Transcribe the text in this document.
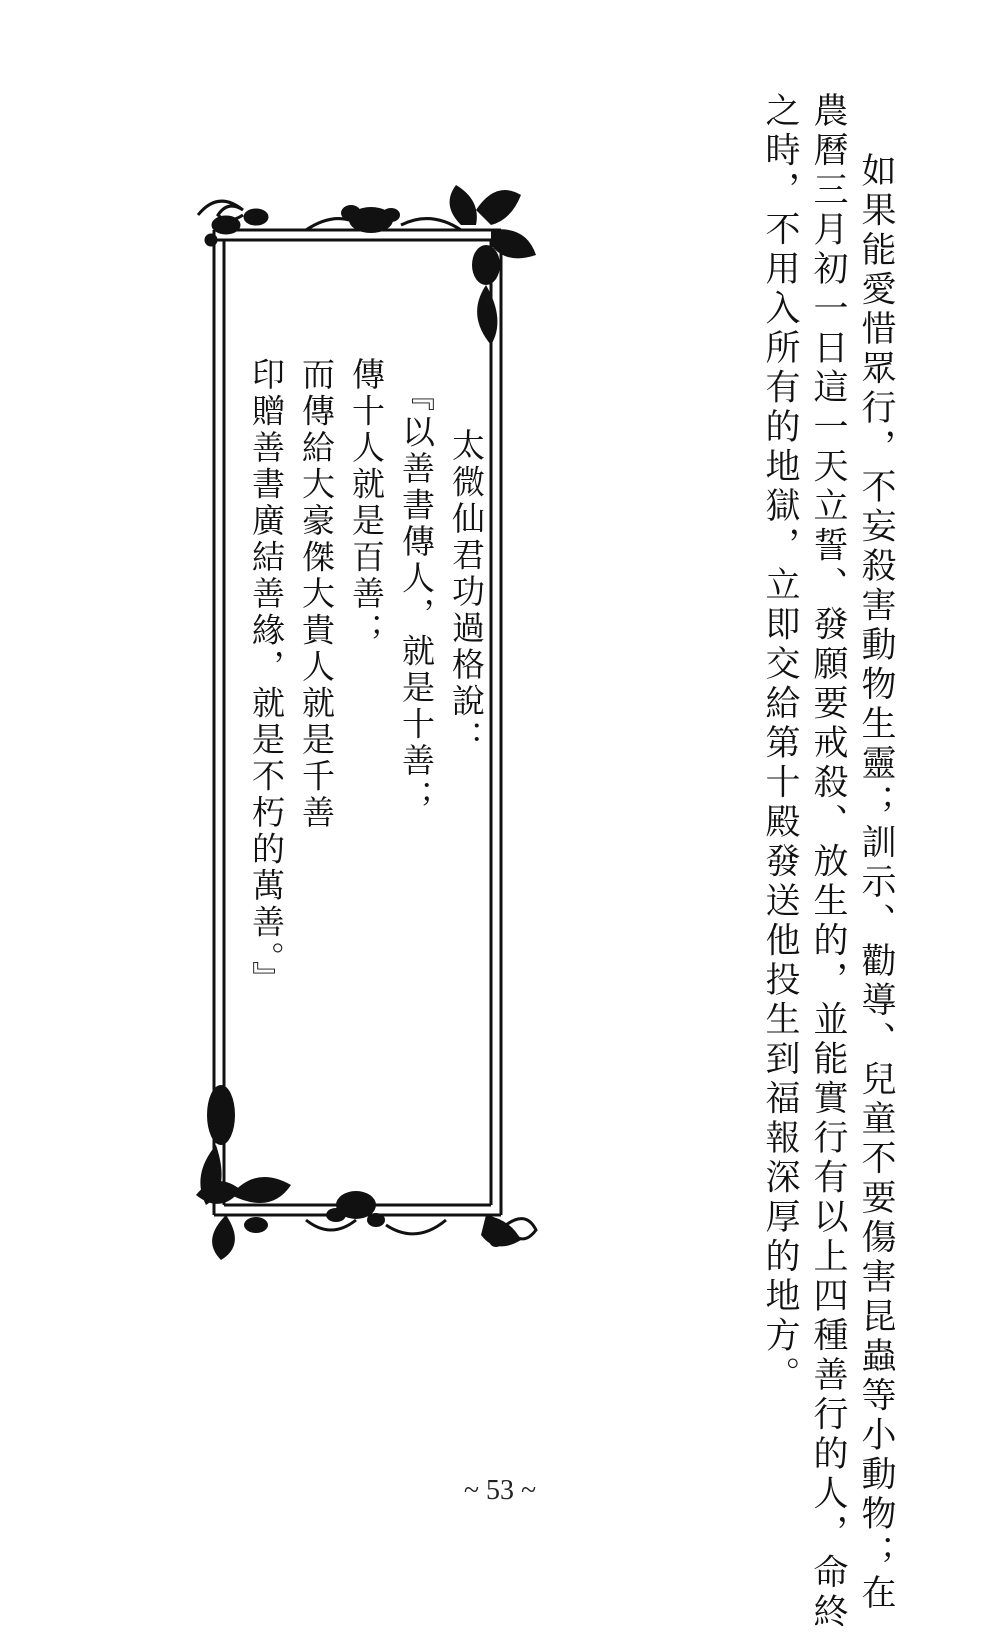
如果能愛惜眾行，不妄殺害動物生靈；訓示、勸導、兒童不要傷害昆蟲等小動物；在
農曆三月初一日這一天立誓、發願要戒殺、放生的，並能實行有以上四種善行的人，命終
之時，不用入所有的地獄，立即交給第十殿發送他投生到福報深厚的地方。
太微仙君功過格說：
『以善書傳人，就是十善；
傳十人就是百善；
而傳給大豪傑大貴人就是千善
印贈善書廣結善緣，就是不朽的萬善。』
~ 53 ~
